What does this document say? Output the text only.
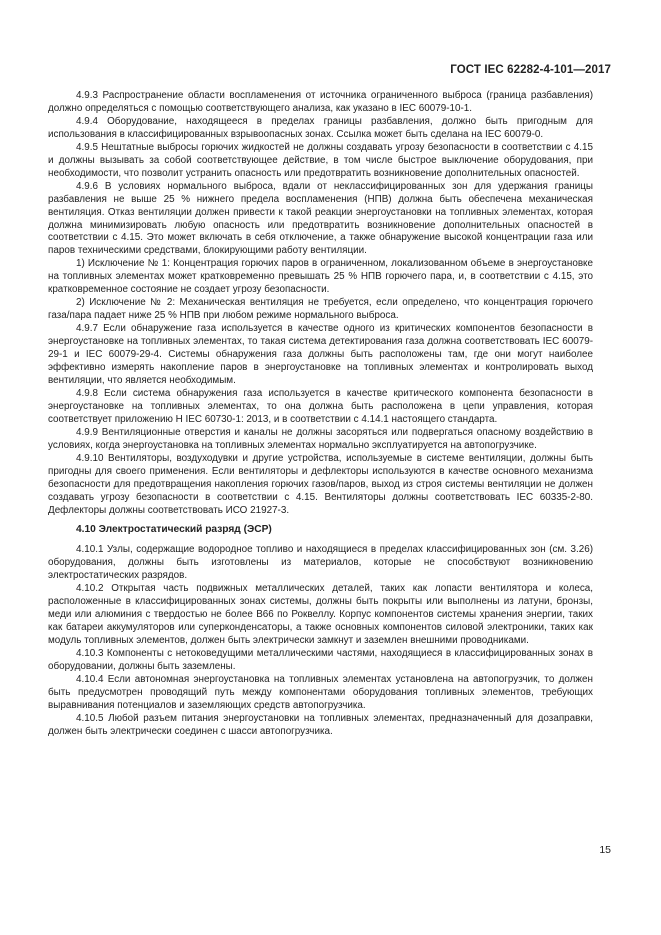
ГОСТ IEC 62282-4-101—2017

4.9.3 Распространение области воспламенения от источника ограниченного выброса (граница разбавления) должно определяться с помощью соответствующего анализа, как указано в IEC 60079-10-1.

4.9.4 Оборудование, находящееся в пределах границы разбавления, должно быть пригодным для использования в классифицированных взрывоопасных зонах. Ссылка может быть сделана на IEC 60079-0.

4.9.5 Нештатные выбросы горючих жидкостей не должны создавать угрозу безопасности в соответствии с 4.15 и должны вызывать за собой соответствующее действие, в том числе быстрое выключение оборудования, при необходимости, что позволит устранить опасность или предотвратить возникновение дополнительных опасностей.

4.9.6 В условиях нормального выброса, вдали от неклассифицированных зон для удержания границы разбавления не выше 25 % нижнего предела воспламенения (НПВ) должна быть обеспечена механическая вентиляция. Отказ вентиляции должен привести к такой реакции энергоустановки на топливных элементах, которая должна минимизировать любую опасность или предотвратить возникновение дополнительных опасностей в соответствии с 4.15. Это может включать в себя отключение, а также обнаружение высокой концентрации газа или паров техническими средствами, блокирующими работу вентиляции.

1) Исключение № 1: Концентрация горючих паров в ограниченном, локализованном объеме в энергоустановке на топливных элементах может кратковременно превышать 25 % НПВ горючего пара, и, в соответствии с 4.15, это кратковременное состояние не создает угрозу безопасности.

2) Исключение № 2: Механическая вентиляция не требуется, если определено, что концентрация горючего газа/пара падает ниже 25 % НПВ при любом режиме нормального выброса.

4.9.7 Если обнаружение газа используется в качестве одного из критических компонентов безопасности в энергоустановке на топливных элементах, то такая система детектирования газа должна соответствовать IEC 60079-29-1 и IEC 60079-29-4. Системы обнаружения газа должны быть расположены там, где они могут наиболее эффективно измерять накопление паров в энергоустановке на топливных элементах и контролировать выход вентиляции, что является необходимым.

4.9.8 Если система обнаружения газа используется в качестве критического компонента безопасности в энергоустановке на топливных элементах, то она должна быть расположена в цепи управления, которая соответствует приложению H IEC 60730-1: 2013, и в соответствии с 4.14.1 настоящего стандарта.

4.9.9 Вентиляционные отверстия и каналы не должны засоряться или подвергаться опасному воздействию в условиях, когда энергоустановка на топливных элементах нормально эксплуатируется на автопогрузчике.

4.9.10 Вентиляторы, воздуходувки и другие устройства, используемые в системе вентиляции, должны быть пригодны для своего применения. Если вентиляторы и дефлекторы используются в качестве основного механизма безопасности для предотвращения накопления горючих газов/паров, выход из строя системы вентиляции не должен создавать угрозу безопасности в соответствии с 4.15. Вентиляторы должны соответствовать IEC 60335-2-80. Дефлекторы должны соответствовать ИСО 21927-3.

4.10 Электростатический разряд (ЭСР)

4.10.1 Узлы, содержащие водородное топливо и находящиеся в пределах классифицированных зон (см. 3.26) оборудования, должны быть изготовлены из материалов, которые не способствуют возникновению электростатических разрядов.

4.10.2 Открытая часть подвижных металлических деталей, таких как лопасти вентилятора и колеса, расположенные в классифицированных зонах системы, должны быть покрыты или выполнены из латуни, бронзы, меди или алюминия с твердостью не более B66 по Роквеллу. Корпус компонентов системы хранения энергии, таких как батареи аккумуляторов или суперконденсаторы, а также основных компонентов силовой электроники, таких как модуль топливных элементов, должен быть электрически замкнут и заземлен внешними проводниками.

4.10.3 Компоненты с нетоковедущими металлическими частями, находящиеся в классифицированных зонах в оборудовании, должны быть заземлены.

4.10.4 Если автономная энергоустановка на топливных элементах установлена на автопогрузчик, то должен быть предусмотрен проводящий путь между компонентами оборудования топливных элементов, требующих выравнивания потенциалов и заземляющих средств автопогрузчика.

4.10.5 Любой разъем питания энергоустановки на топливных элементах, предназначенный для дозаправки, должен быть электрически соединен с шасси автопогрузчика.

15
